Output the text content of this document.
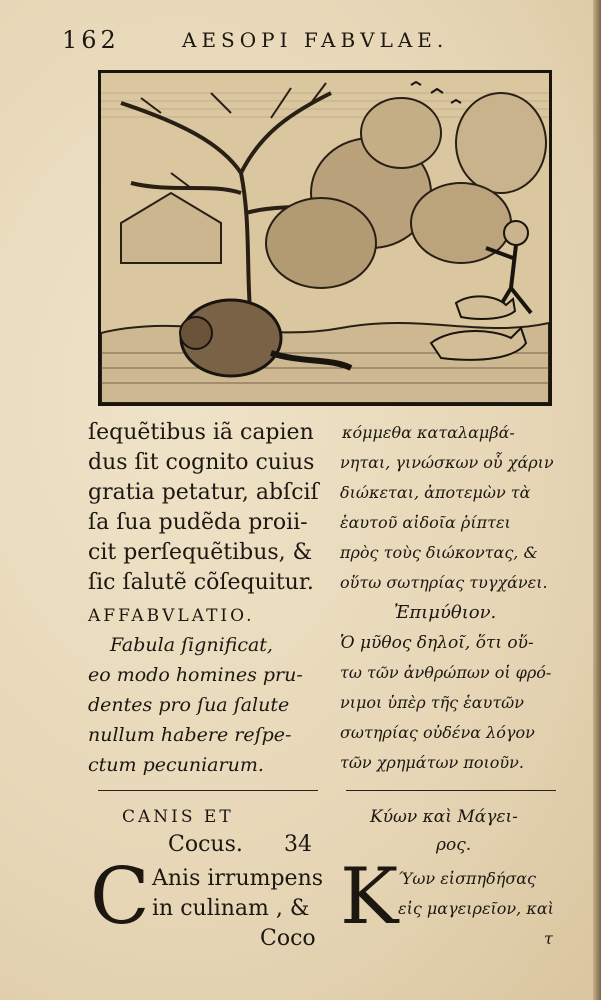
162	AESOPI FABVLAE.
ſequẽtibus iã capien
dus ſit cognito cuius
gratia petatur, abſciſ
ſa ſua pudẽda proii-
cit perſequẽtibus, &
ſic ſalutẽ cõſequitur.
AFFABVLATIO.
Fabula ſignificat,
eo modo homines pru-
dentes pro ſua ſalute
nullum habere reſpe-
ctum pecuniarum.
CANIS ET
Cocus. 34
C Anis irrumpens
in culinam , &
Coco
κόμμεθα καταλαμβά-
νηται, γινώσκων οὗ χάριν
διώκεται, ἀποτεμὼν τὰ
ἑαυτοῦ αἰδοῖα ῥίπτει
πρὸς τοὺς διώκοντας, &
οὕτω σωτηρίας τυγχάνει.
Ἐπιμύθιον.
Ὁ μῦθος δηλοῖ, ὅτι οὕ-
τω τῶν ἀνθρώπων οἱ φρό-
νιμοι ὑπὲρ τῆς ἑαυτῶν
σωτηρίας οὐδένα λόγον
τῶν χρημάτων ποιοῦν.
Κύων καὶ Μάγει-
ρος.
K Ύων εἰσπηδήσας
εἰς μαγειρεῖον, καὶ
τ
